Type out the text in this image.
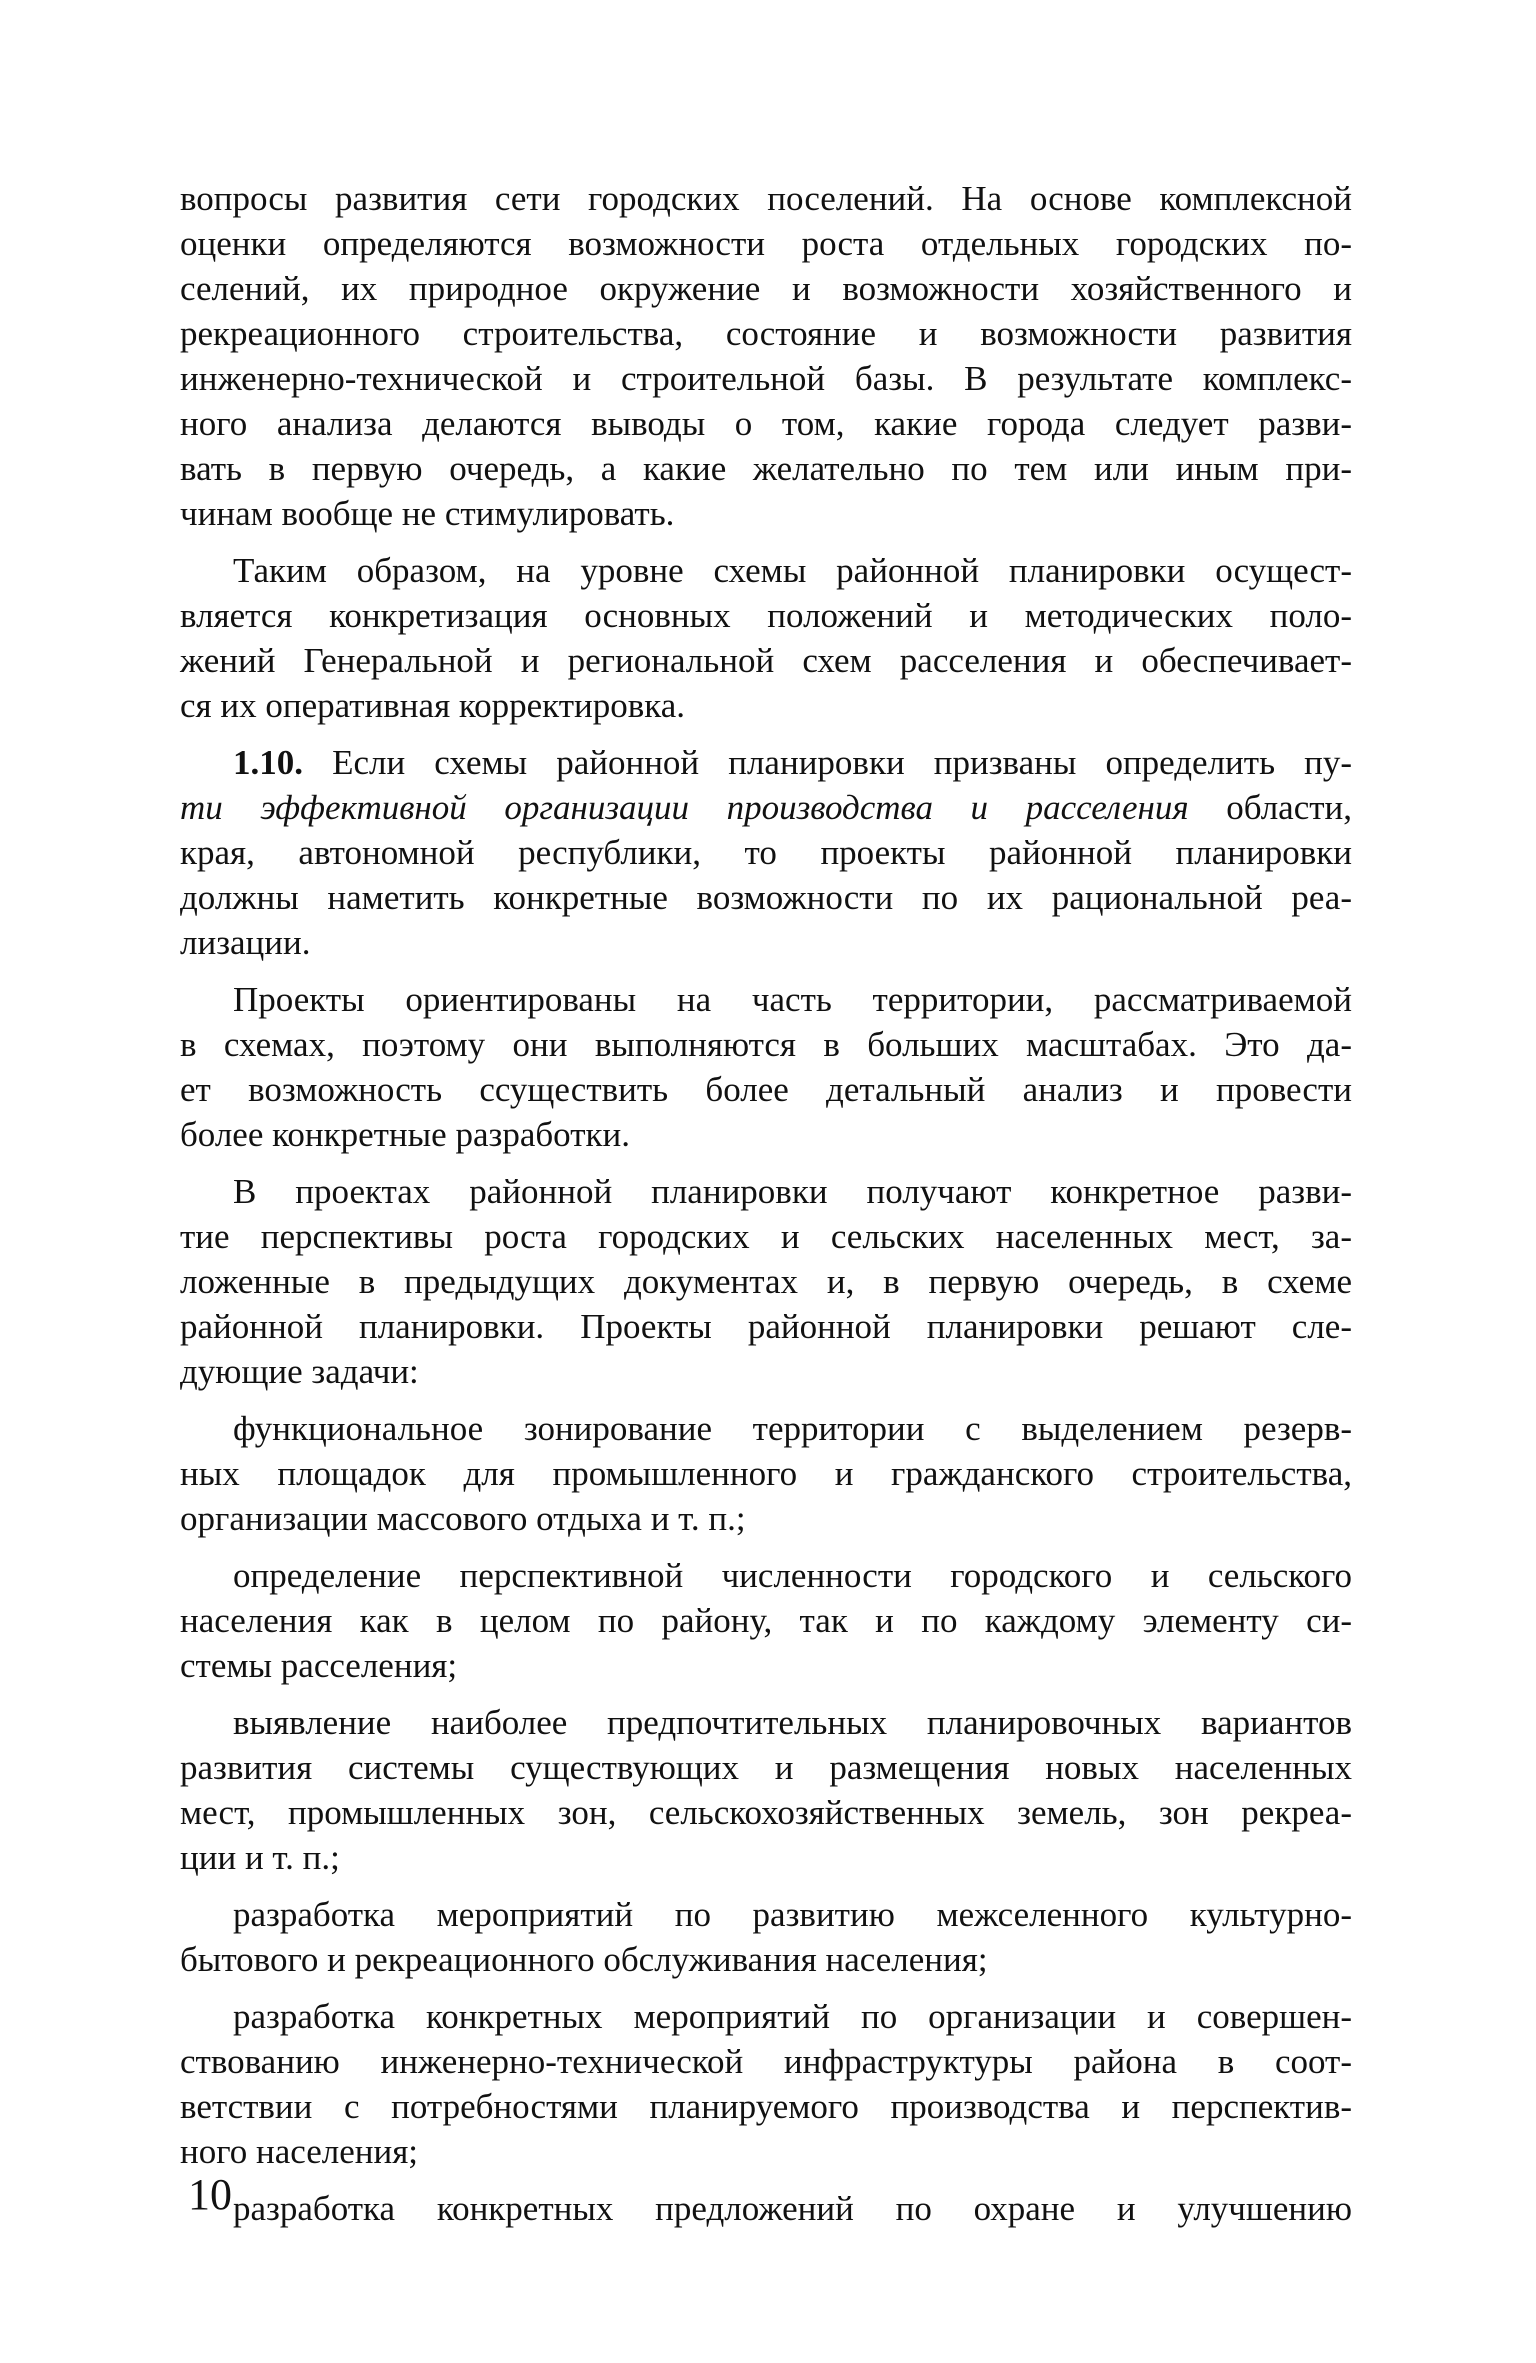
вопросы развития сети городских поселений. На основе комплексной
оценки определяются возможности роста отдельных городских по-
селений, их природное окружение и возможности хозяйственного и
рекреационного строительства, состояние и возможности развития
инженерно-технической и строительной базы. В результате комплекс-
ного анализа делаются выводы о том, какие города следует разви-
вать в первую очередь, а какие желательно по тем или иным при-
чинам вообще не стимулировать.
Таким образом, на уровне схемы районной планировки осущест-
вляется конкретизация основных положений и методических поло-
жений Генеральной и региональной схем расселения и обеспечивает-
ся их оперативная корректировка.
1.10. Если схемы районной планировки призваны определить пу-
ти эффективной организации производства и расселения области,
края, автономной республики, то проекты районной планировки
должны наметить конкретные возможности по их рациональной реа-
лизации.
Проекты ориентированы на часть территории, рассматриваемой
в схемах, поэтому они выполняются в больших масштабах. Это да-
ет возможность ссуществить более детальный анализ и провести
более конкретные разработки.
В проектах районной планировки получают конкретное разви-
тие перспективы роста городских и сельских населенных мест, за-
ложенные в предыдущих документах и, в первую очередь, в схеме
районной планировки. Проекты районной планировки решают сле-
дующие задачи:
функциональное зонирование территории с выделением резерв-
ных площадок для промышленного и гражданского строительства,
организации массового отдыха и т. п.;
определение перспективной численности городского и сельского
населения как в целом по району, так и по каждому элементу си-
стемы расселения;
выявление наиболее предпочтительных планировочных вариантов
развития системы существующих и размещения новых населенных
мест, промышленных зон, сельскохозяйственных земель, зон рекреа-
ции и т. п.;
разработка мероприятий по развитию межселенного культурно-
бытового и рекреационного обслуживания населения;
разработка конкретных мероприятий по организации и совершен-
ствованию инженерно-технической инфраструктуры района в соот-
ветствии с потребностями планируемого производства и перспектив-
ного населения;
разработка конкретных предложений по охране и улучшению
10
